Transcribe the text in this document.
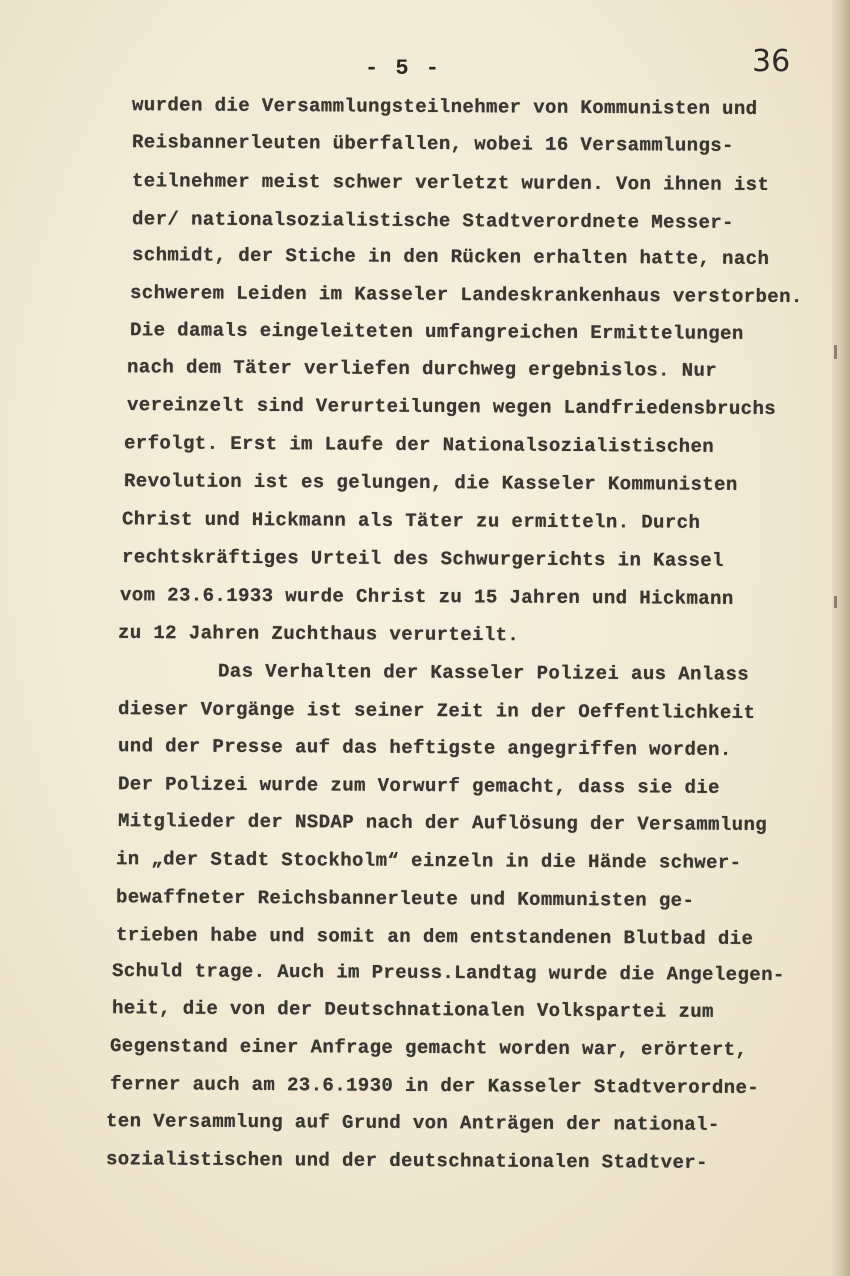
- 5 -	36
wurden die Versammlungsteilnehmer von Kommunisten und
Reisbannerleuten überfallen, wobei 16 Versammlungs-
teilnehmer meist schwer verletzt wurden. Von ihnen ist
der/ nationalsozialistische Stadtverordnete Messer-
schmidt, der Stiche in den Rücken erhalten hatte, nach
schwerem Leiden im Kasseler Landeskrankenhaus verstorben.
Die damals eingeleiteten umfangreichen Ermittelungen
nach dem Täter verliefen durchweg ergebnislos. Nur
vereinzelt sind Verurteilungen wegen Landfriedensbruchs
erfolgt. Erst im Laufe der Nationalsozialistischen
Revolution ist es gelungen, die Kasseler Kommunisten
Christ und Hickmann als Täter zu ermitteln. Durch
rechtskräftiges Urteil des Schwurgerichts in Kassel
vom 23.6.1933 wurde Christ zu 15 Jahren und Hickmann
zu 12 Jahren Zuchthaus verurteilt.
Das Verhalten der Kasseler Polizei aus Anlass
dieser Vorgänge ist seiner Zeit in der Oeffentlichkeit
und der Presse auf das heftigste angegriffen worden.
Der Polizei wurde zum Vorwurf gemacht, dass sie die
Mitglieder der NSDAP nach der Auflösung der Versammlung
in „der Stadt Stockholm“ einzeln in die Hände schwer-
bewaffneter Reichsbannerleute und Kommunisten ge-
trieben habe und somit an dem entstandenen Blutbad die
Schuld trage. Auch im Preuss.Landtag wurde die Angelegen-
heit, die von der Deutschnationalen Volkspartei zum
Gegenstand einer Anfrage gemacht worden war, erörtert,
ferner auch am 23.6.1930 in der Kasseler Stadtverordne-
ten Versammlung auf Grund von Anträgen der national-
sozialistischen und der deutschnationalen Stadtver-
